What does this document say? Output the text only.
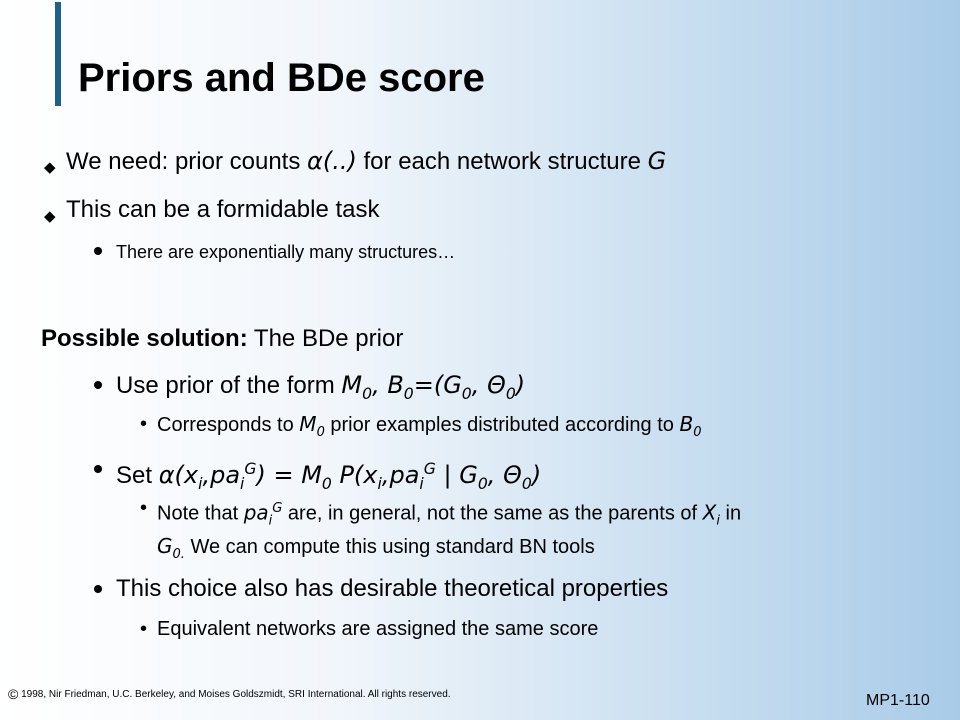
Priors and BDe score
◆ We need: prior counts α(..) for each network structure G
◆ This can be a formidable task
There are exponentially many structures…
Possible solution: The BDe prior
Use prior of the form $M_0$, $B_0=(G_0$, $\Theta_0$)
• Corresponds to $M_0$ prior examples distributed according to $B_0$
Set $\alpha(x_i,pa_i^G) = M_0$ $P(x_i,pa_i^G$ | $G_0$, $\Theta_0$)
• Note that $pa_i^G$ are, in general, not the same as the parents of $X_i$ in
$G_{0.}$ We can compute this using standard BN tools
This choice also has desirable theoretical properties
• Equivalent networks are assigned the same score
© 1998, Nir Friedman, U.C. Berkeley, and Moises Goldszmidt, SRI International. All rights reserved.	MP1-110
